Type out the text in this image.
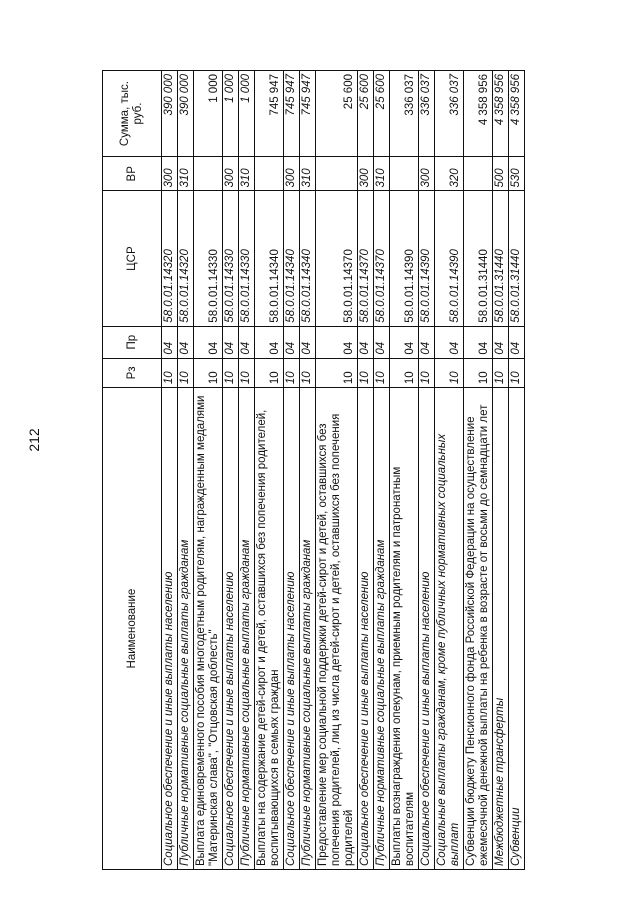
212
Наименование	Рз	Пр	ЦСР	ВР	Сумма, тыс. руб.
Социальное обеспечение и иные выплаты населению	10	04	58.0.01.14320	300	390 000
Публичные нормативные социальные выплаты гражданам	10	04	58.0.01.14320	310	390 000
Выплата единовременного пособия многодетным родителям, награжденным медалями "Материнская слава", "Отцовская доблесть"	10	04	58.0.01.14330		1 000
Социальное обеспечение и иные выплаты населению	10	04	58.0.01.14330	300	1 000
Публичные нормативные социальные выплаты гражданам	10	04	58.0.01.14330	310	1 000
Выплаты на содержание детей-сирот и детей, оставшихся без попечения родителей, воспитывающихся в семьях граждан	10	04	58.0.01.14340		745 947
Социальное обеспечение и иные выплаты населению	10	04	58.0.01.14340	300	745 947
Публичные нормативные социальные выплаты гражданам	10	04	58.0.01.14340	310	745 947
Предоставление мер социальной поддержки детей-сирот и детей, оставшихся без попечения родителей, лиц из числа детей-сирот и детей, оставшихся без попечения родителей	10	04	58.0.01.14370		25 600
Социальное обеспечение и иные выплаты населению	10	04	58.0.01.14370	300	25 600
Публичные нормативные социальные выплаты гражданам	10	04	58.0.01.14370	310	25 600
Выплаты вознаграждения опекунам, приемным родителям и патронатным воспитателям	10	04	58.0.01.14390		336 037
Социальное обеспечение и иные выплаты населению	10	04	58.0.01.14390	300	336 037
Социальные выплаты гражданам, кроме публичных нормативных социальных выплат	10	04	58.0.01.14390	320	336 037
Субвенции бюджету Пенсионного фонда Российской Федерации на осуществление ежемесячной денежной выплаты на ребенка в возрасте от восьми до семнадцати лет	10	04	58.0.01.31440		4 358 956
Межбюджетные трансферты	10	04	58.0.01.31440	500	4 358 956
Субвенции	10	04	58.0.01.31440	530	4 358 956
